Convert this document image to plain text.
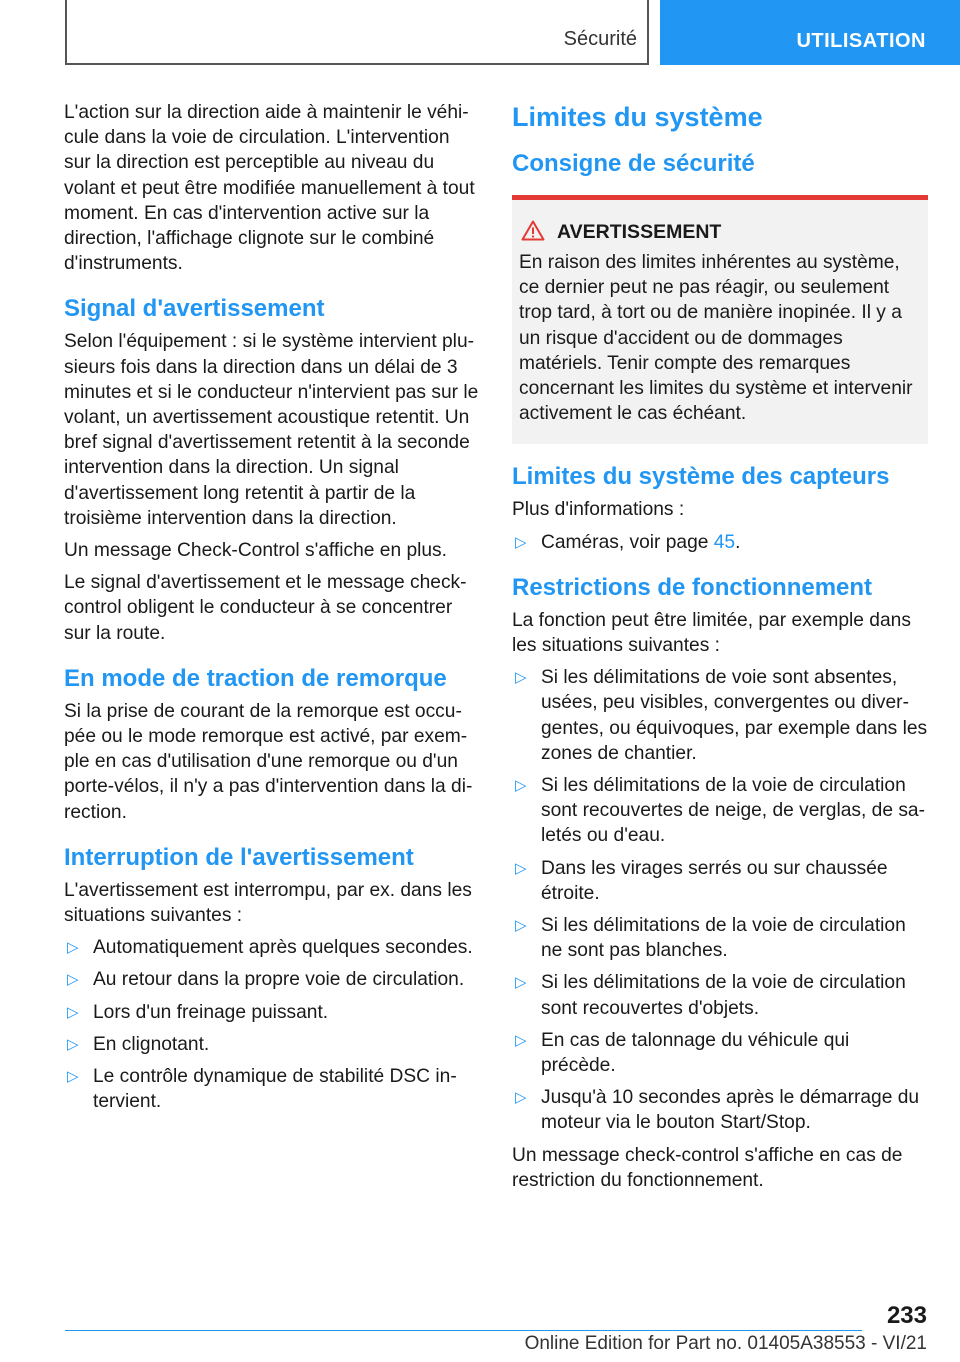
Sécurité	UTILISATION

L'action sur la direction aide à maintenir le véhicule dans la voie de circulation. L'intervention sur la direction est perceptible au niveau du volant et peut être modifiée manuellement à tout moment. En cas d'intervention active sur la direction, l'affichage clignote sur le combiné d'instruments.

Signal d'avertissement

Selon l'équipement : si le système intervient plusieurs fois dans la direction dans un délai de 3 minutes et si le conducteur n'intervient pas sur le volant, un avertissement acoustique retentit. Un bref signal d'avertissement retentit à la seconde intervention dans la direction. Un signal d'avertissement long retentit à partir de la troisième intervention dans la direction.

Un message Check-Control s'affiche en plus.

Le signal d'avertissement et le message check-control obligent le conducteur à se concentrer sur la route.

En mode de traction de remorque

Si la prise de courant de la remorque est occupée ou le mode remorque est activé, par exemple en cas d'utilisation d'une remorque ou d'un porte-vélos, il n'y a pas d'intervention dans la direction.

Interruption de l'avertissement

L'avertissement est interrompu, par ex. dans les situations suivantes :

▷ Automatiquement après quelques secondes.
▷ Au retour dans la propre voie de circulation.
▷ Lors d'un freinage puissant.
▷ En clignotant.
▷ Le contrôle dynamique de stabilité DSC intervient.
Limites du système
Consigne de sécurité
AVERTISSEMENT

En raison des limites inhérentes au système, ce dernier peut ne pas réagir, ou seulement trop tard, à tort ou de manière inopinée. Il y a un risque d'accident ou de dommages matériels. Tenir compte des remarques concernant les limites du système et intervenir activement le cas échéant.

Limites du système des capteurs

Plus d'informations :

▷ Caméras, voir page 45.
Restrictions de fonctionnement

La fonction peut être limitée, par exemple dans les situations suivantes :

▷ Si les délimitations de voie sont absentes, usées, peu visibles, convergentes ou divergentes, ou équivoques, par exemple dans les zones de chantier.
▷ Si les délimitations de la voie de circulation sont recouvertes de neige, de verglas, de saletés ou d'eau.
▷ Dans les virages serrés ou sur chaussée étroite.
▷ Si les délimitations de la voie de circulation ne sont pas blanches.
▷ Si les délimitations de la voie de circulation sont recouvertes d'objets.
▷ En cas de talonnage du véhicule qui précède.
▷ Jusqu'à 10 secondes après le démarrage du moteur via le bouton Start/Stop.

Un message check-control s'affiche en cas de restriction du fonctionnement.

233
Online Edition for Part no. 01405A38553 - VI/21
